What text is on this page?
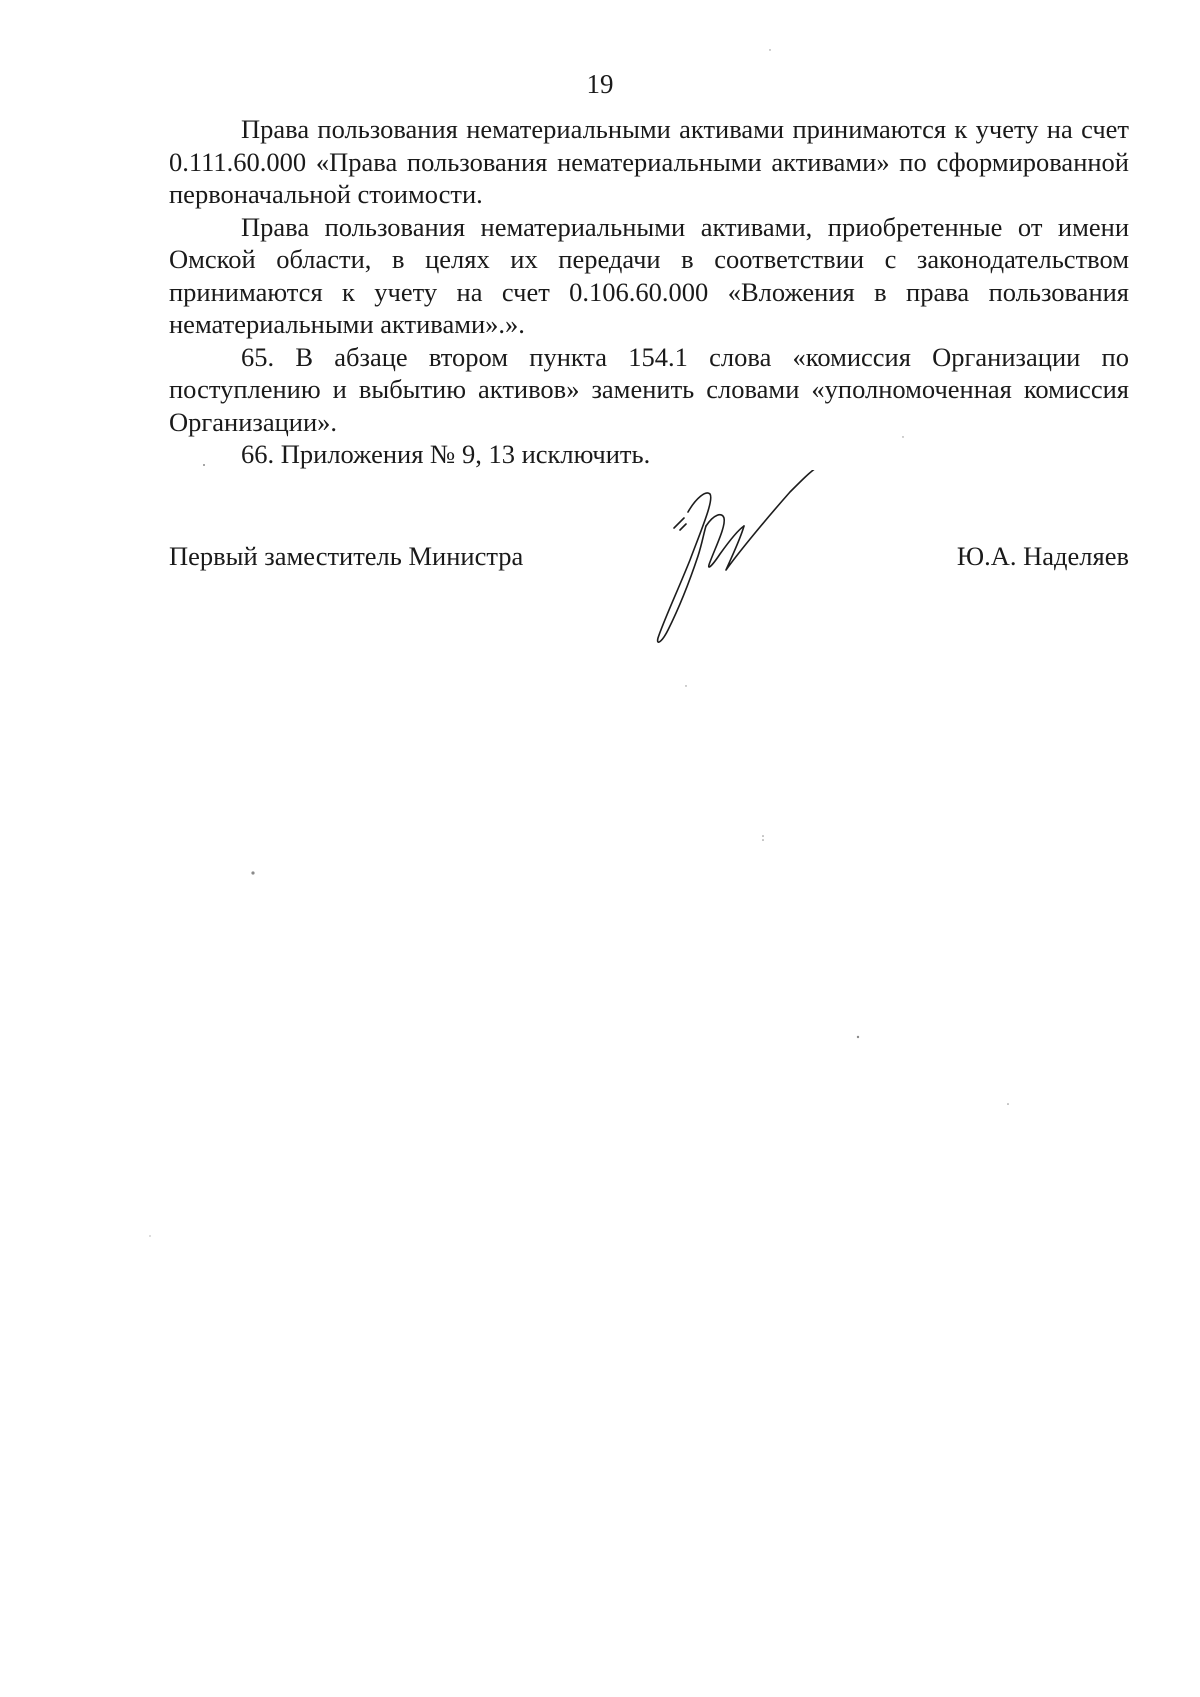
19

Права пользования нематериальными активами принимаются к учету на счет 0.111.60.000 «Права пользования нематериальными активами» по сформированной первоначальной стоимости.

Права пользования нематериальными активами, приобретенные от имени Омской области, в целях их передачи в соответствии с законодательством принимаются к учету на счет 0.106.60.000 «Вложения в права пользования нематериальными активами».».

65. В абзаце втором пункта 154.1 слова «комиссия Организации по поступлению и выбытию активов» заменить словами «уполномоченная комиссия Организации».

66. Приложения № 9, 13 исключить.

Первый заместитель Министра	Ю.А. Наделяев
